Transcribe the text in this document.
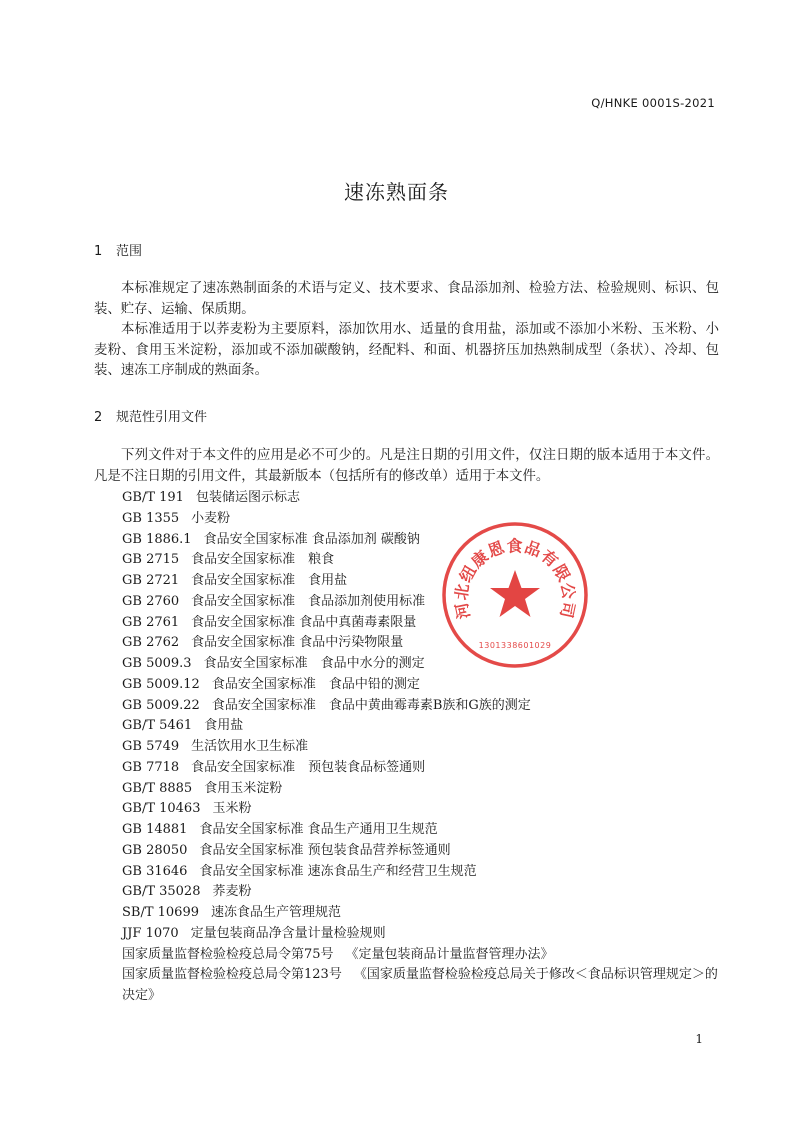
Q/HNKE 0001S-2021
速冻熟面条
1 范围

本标准规定了速冻熟制面条的术语与定义、技术要求、食品添加剂、检验方法、检验规则、标识、包装、贮存、运输、保质期。

本标准适用于以荞麦粉为主要原料，添加饮用水、适量的食用盐，添加或不添加小米粉、玉米粉、小麦粉、食用玉米淀粉，添加或不添加碳酸钠，经配料、和面、机器挤压加热熟制成型（条状）、冷却、包装、速冻工序制成的熟面条。

2 规范性引用文件

下列文件对于本文件的应用是必不可少的。凡是注日期的引用文件，仅注日期的版本适用于本文件。凡是不注日期的引用文件，其最新版本（包括所有的修改单）适用于本文件。

GB/T 191 包装储运图示标志
GB 1355 小麦粉
GB 1886.1 食品安全国家标准 食品添加剂 碳酸钠
GB 2715 食品安全国家标准　粮食
GB 2721 食品安全国家标准　食用盐
GB 2760 食品安全国家标准　食品添加剂使用标准
GB 2761 食品安全国家标准 食品中真菌毒素限量
GB 2762 食品安全国家标准 食品中污染物限量
GB 5009.3 食品安全国家标准　食品中水分的测定
GB 5009.12 食品安全国家标准　食品中铅的测定
GB 5009.22 食品安全国家标准　食品中黄曲霉毒素B族和G族的测定
GB/T 5461 食用盐
GB 5749 生活饮用水卫生标准
GB 7718 食品安全国家标准　预包装食品标签通则
GB/T 8885 食用玉米淀粉
GB/T 10463 玉米粉
GB 14881 食品安全国家标准 食品生产通用卫生规范
GB 28050 食品安全国家标准 预包装食品营养标签通则
GB 31646 食品安全国家标准 速冻食品生产和经营卫生规范
GB/T 35028 荞麦粉
SB/T 10699 速冻食品生产管理规范
JJF 1070 定量包装商品净含量计量检验规则
国家质量监督检验检疫总局令第75号 《定量包装商品计量监督管理办法》
国家质量监督检验检疫总局令第123号 《国家质量监督检验检疫总局关于修改＜食品标识管理规定＞的决定》
河北纽康恩食品有限公司
1301338601029
1
